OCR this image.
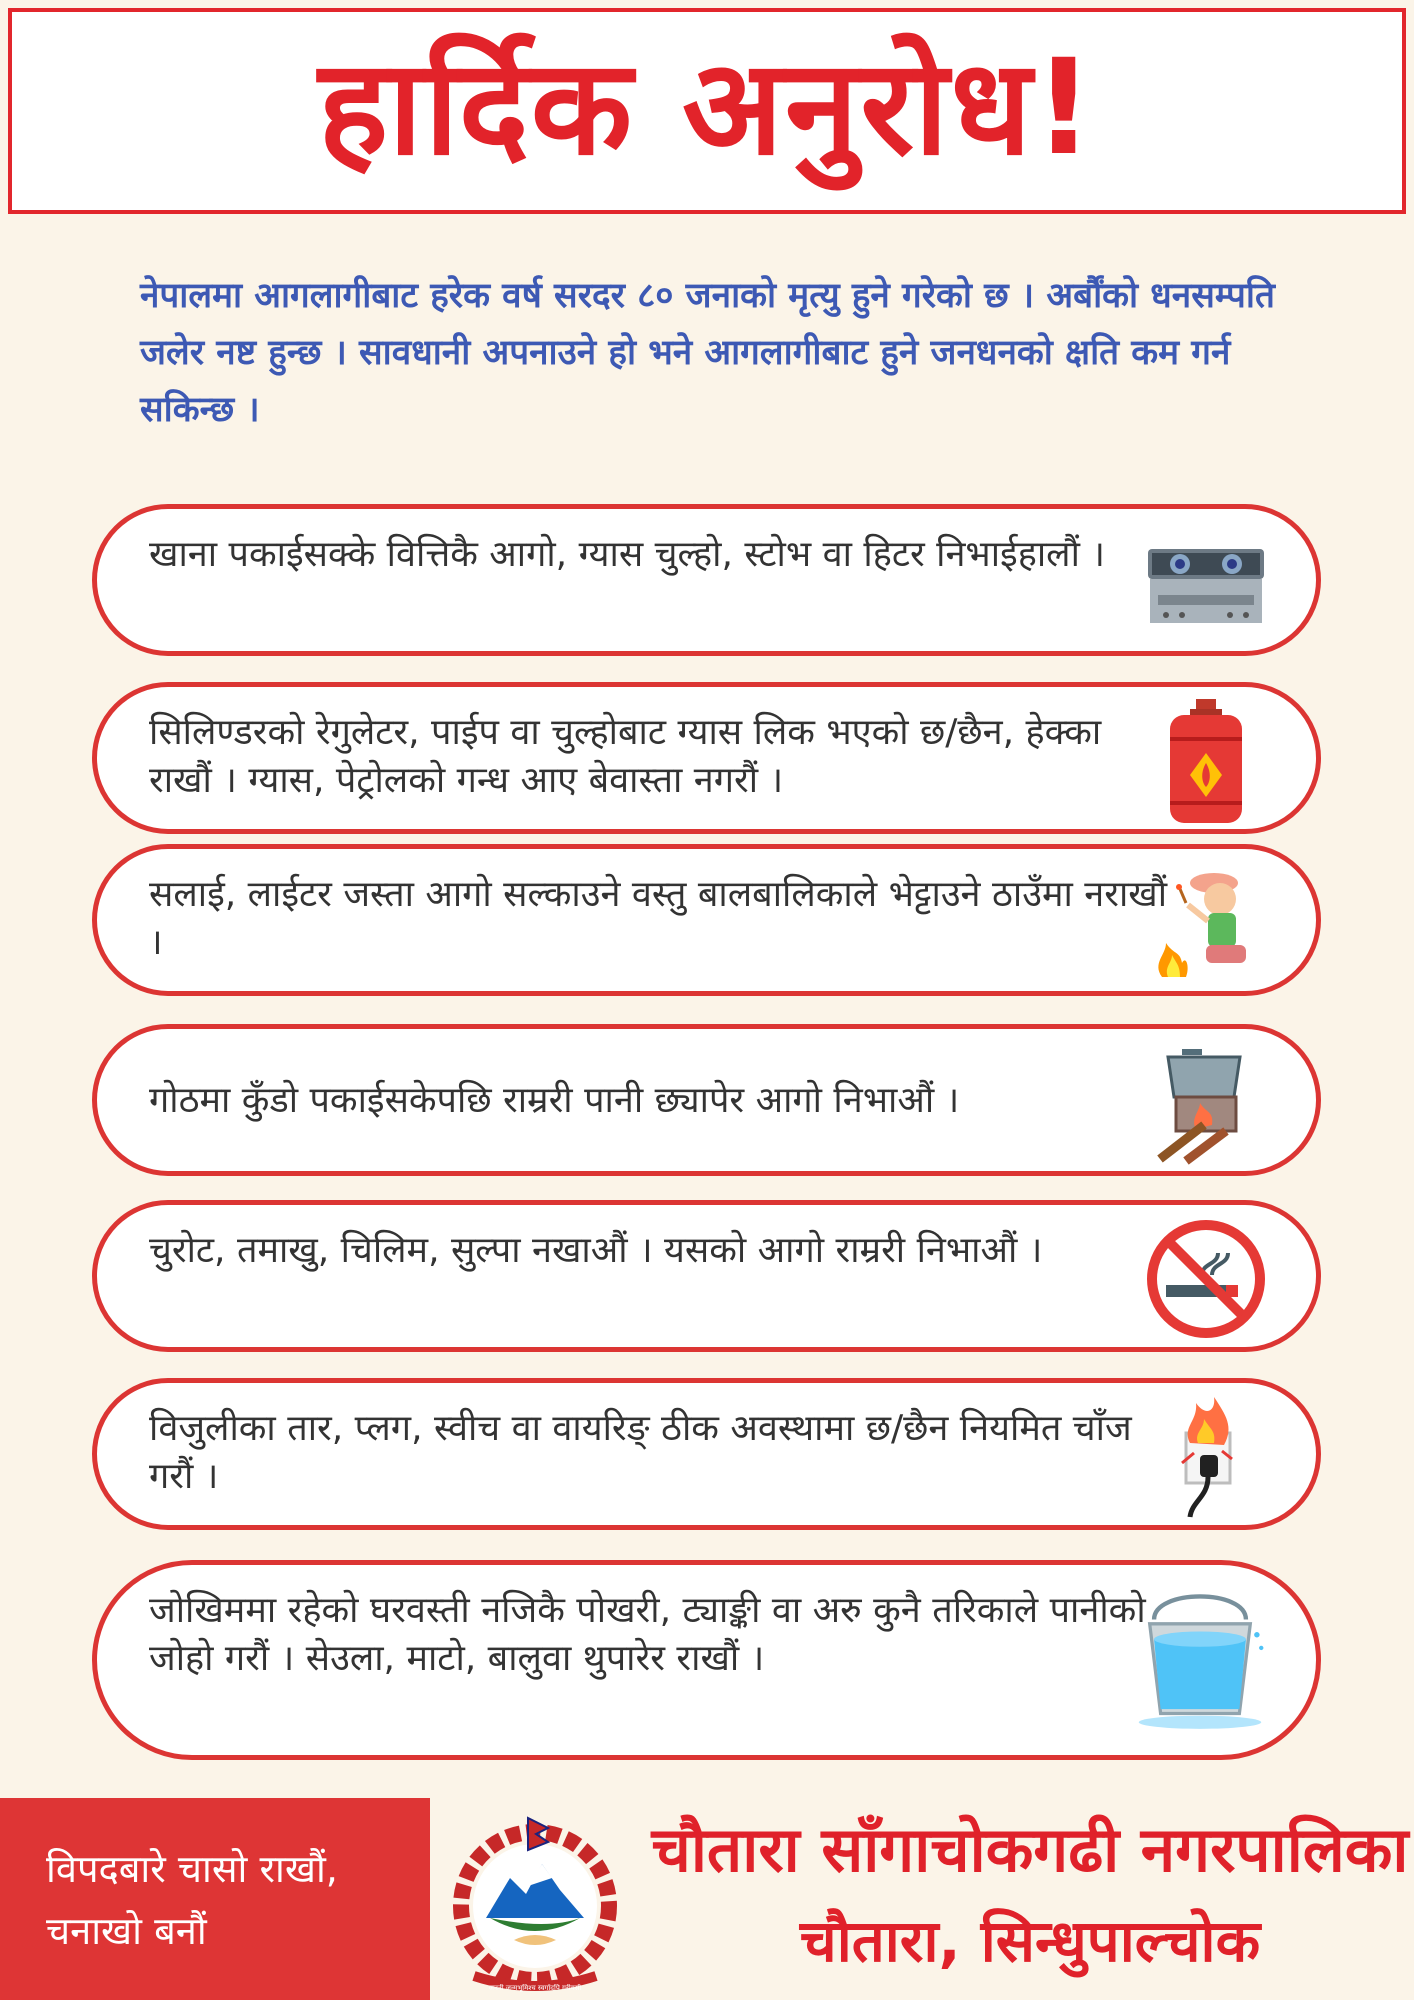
हार्दिक अनुरोध!
नेपालमा आगलागीबाट हरेक वर्ष सरदर ८० जनाको मृत्यु हुने गरेको छ । अर्बौंको धनसम्पति जलेर नष्ट हुन्छ । सावधानी अपनाउने हो भने आगलागीबाट हुने जनधनको क्षति कम गर्न सकिन्छ ।
खाना पकाईसक्के वित्तिकै आगो, ग्यास चुल्हो, स्टोभ वा हिटर निभाईहालौं ।
सिलिण्डरको रेगुलेटर, पाईप वा चुल्होबाट ग्यास लिक भएको छ/छैन, हेक्का राखौं । ग्यास, पेट्रोलको गन्ध आए बेवास्ता नगरौं ।
सलाई, लाईटर जस्ता आगो सल्काउने वस्तु बालबालिकाले भेट्टाउने ठाउँमा नराखौं ।
गोठमा कुँडो पकाईसकेपछि राम्ररी पानी छ्यापेर आगो निभाऔं ।
चुरोट, तमाखु, चिलिम, सुल्पा नखाऔं । यसको आगो राम्ररी निभाऔं ।
विजुलीका तार, प्लग, स्वीच वा वायरिङ् ठीक अवस्थामा छ/छैन नियमित चाँज गरौं ।
जोखिममा रहेको घरवस्ती नजिकै पोखरी, ट्याङ्की वा अरु कुनै तरिकाले पानीको जोहो गरौं । सेउला, माटो, बालुवा थुपारेर राखौं ।
विपदबारे चासो राखौं,
चनाखो बनौं
जननी जन्मभूमिश्च स्वर्गादपि गरीयसी
चौतारा साँगाचोकगढी नगरपालिका
चौतारा, सिन्धुपाल्चोक
